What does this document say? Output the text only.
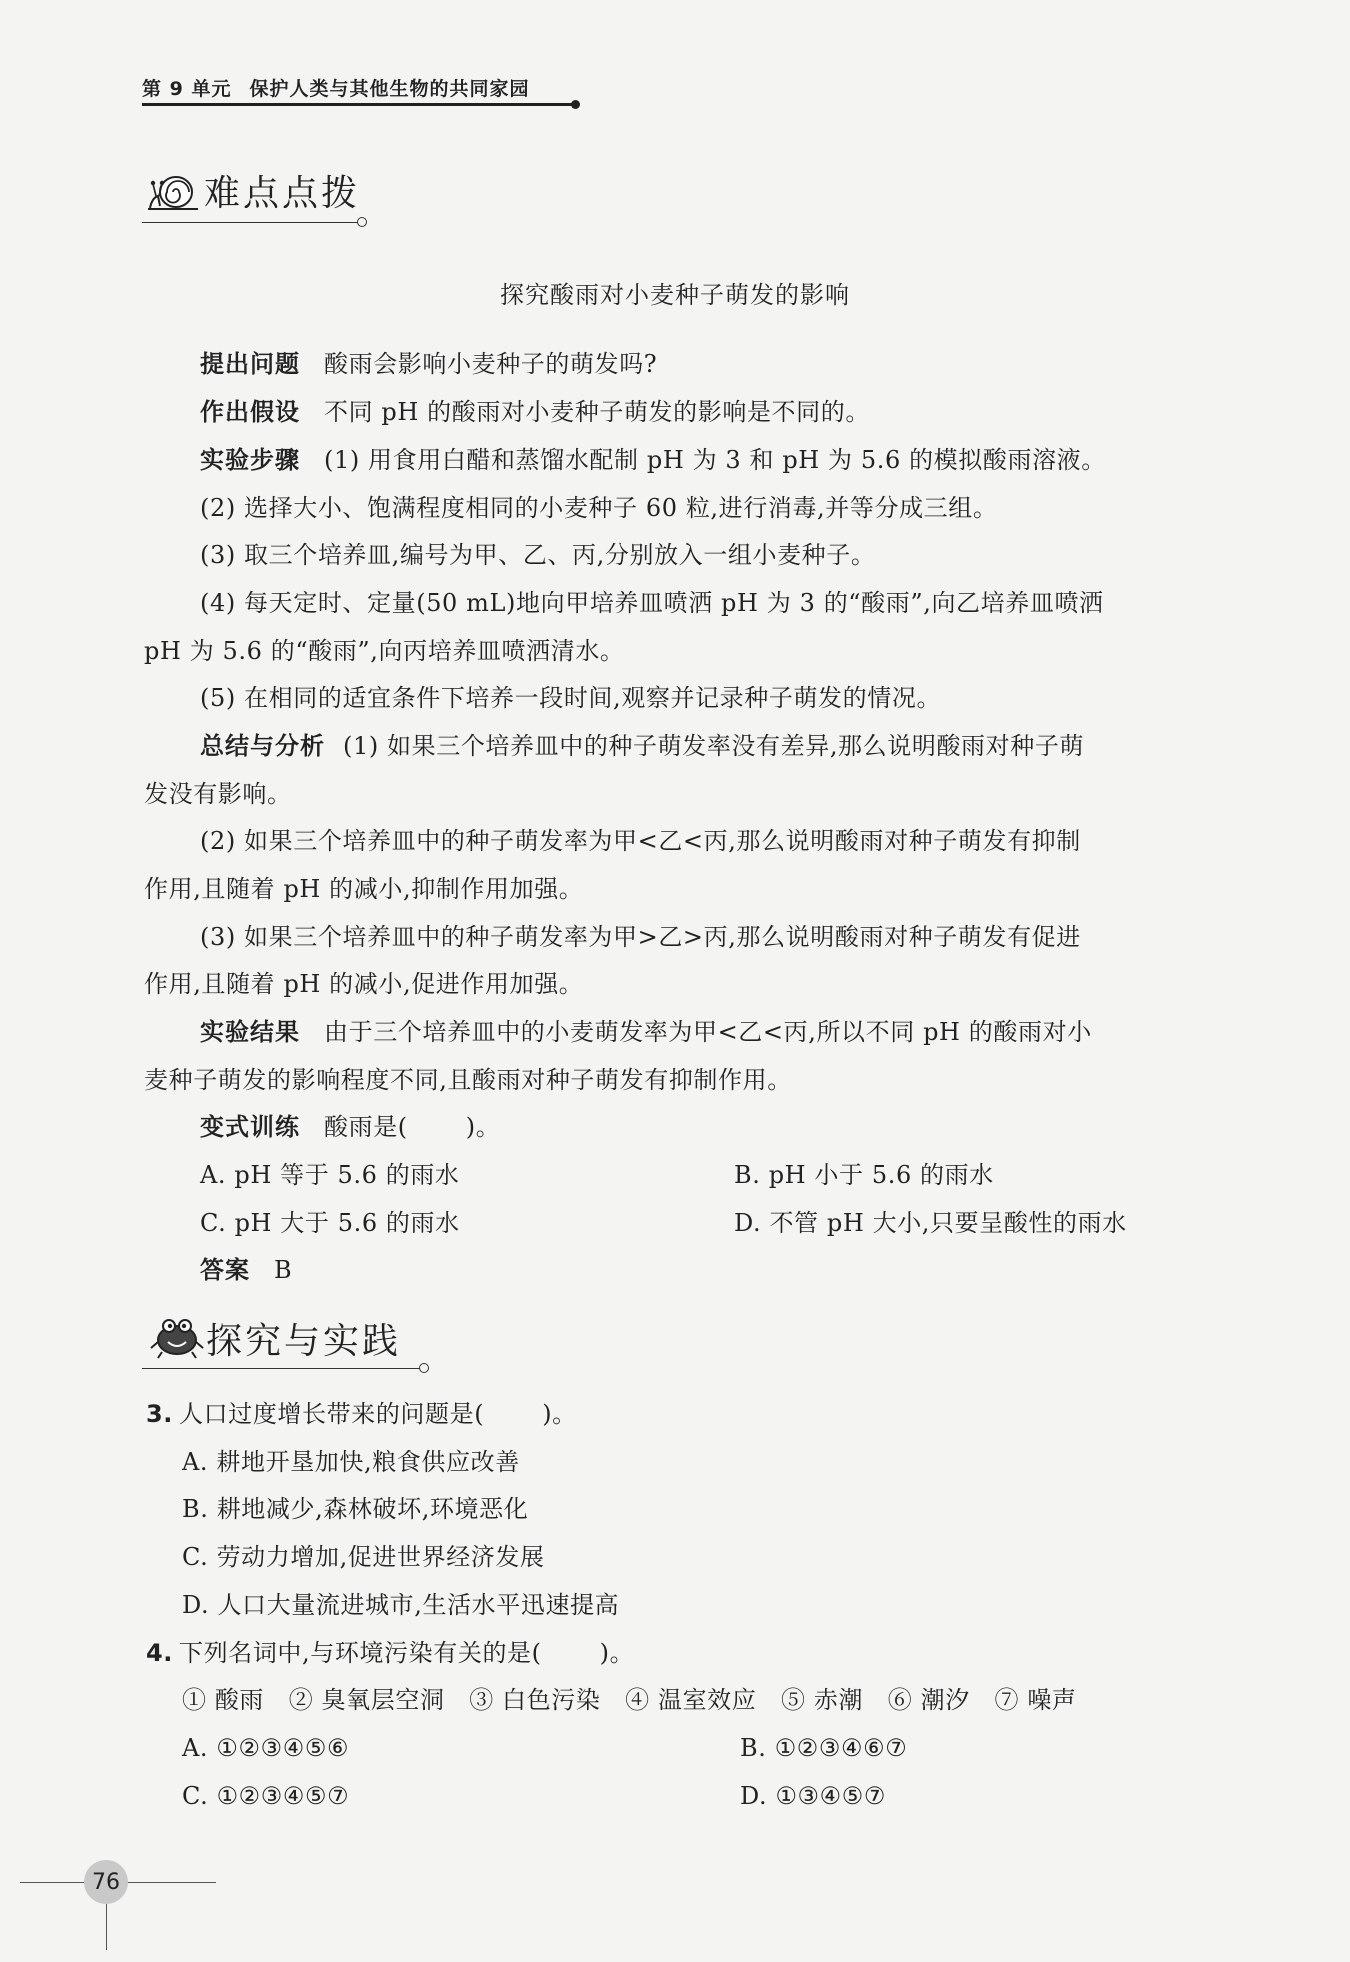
第 9 单元 保护人类与其他生物的共同家园
难点点拨
探究酸雨对小麦种子萌发的影响
提出问题 酸雨会影响小麦种子的萌发吗?
作出假设 不同 pH 的酸雨对小麦种子萌发的影响是不同的。
实验步骤 (1) 用食用白醋和蒸馏水配制 pH 为 3 和 pH 为 5.6 的模拟酸雨溶液。
(2) 选择大小、饱满程度相同的小麦种子 60 粒,进行消毒,并等分成三组。
(3) 取三个培养皿,编号为甲、乙、丙,分别放入一组小麦种子。
(4) 每天定时、定量(50 mL)地向甲培养皿喷洒 pH 为 3 的“酸雨”,向乙培养皿喷洒
pH 为 5.6 的“酸雨”,向丙培养皿喷洒清水。
(5) 在相同的适宜条件下培养一段时间,观察并记录种子萌发的情况。
总结与分析 (1) 如果三个培养皿中的种子萌发率没有差异,那么说明酸雨对种子萌
发没有影响。
(2) 如果三个培养皿中的种子萌发率为甲<乙<丙,那么说明酸雨对种子萌发有抑制
作用,且随着 pH 的减小,抑制作用加强。
(3) 如果三个培养皿中的种子萌发率为甲>乙>丙,那么说明酸雨对种子萌发有促进
作用,且随着 pH 的减小,促进作用加强。
实验结果 由于三个培养皿中的小麦萌发率为甲<乙<丙,所以不同 pH 的酸雨对小
麦种子萌发的影响程度不同,且酸雨对种子萌发有抑制作用。
变式训练 酸雨是( )。
A. pH 等于 5.6 的雨水	B. pH 小于 5.6 的雨水
C. pH 大于 5.6 的雨水	D. 不管 pH 大小,只要呈酸性的雨水
答案 B
探究与实践
3. 人口过度增长带来的问题是( )。
A. 耕地开垦加快,粮食供应改善
B. 耕地减少,森林破坏,环境恶化
C. 劳动力增加,促进世界经济发展
D. 人口大量流进城市,生活水平迅速提高
4. 下列名词中,与环境污染有关的是( )。
① 酸雨   ② 臭氧层空洞   ③ 白色污染   ④ 温室效应   ⑤ 赤潮   ⑥ 潮汐   ⑦ 噪声
A. ①②③④⑤⑥	B. ①②③④⑥⑦
C. ①②③④⑤⑦	D. ①③④⑤⑦
76
